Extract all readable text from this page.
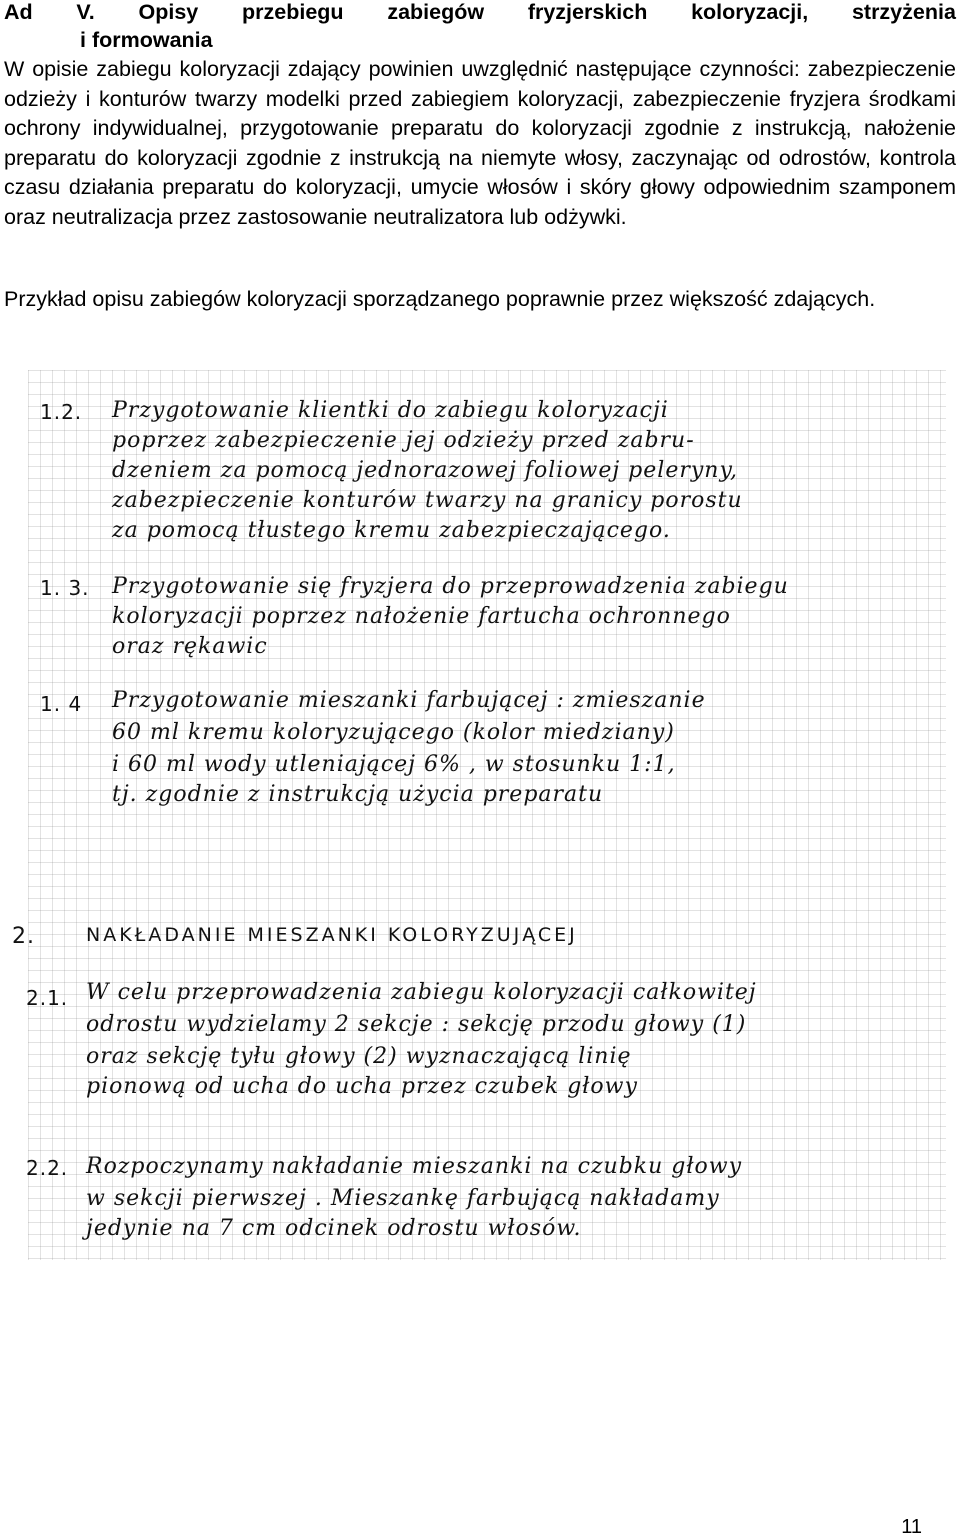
Ad V. Opisy przebiegu zabiegów fryzjerskich koloryzacji, strzyżenia
i formowania
W opisie zabiegu koloryzacji zdający powinien uwzględnić następujące czynności: zabezpieczenie odzieży i konturów twarzy modelki przed zabiegiem koloryzacji, zabezpieczenie fryzjera środkami ochrony indywidualnej, przygotowanie preparatu do koloryzacji zgodnie z instrukcją, nałożenie preparatu do koloryzacji zgodnie z instrukcją na niemyte włosy, zaczynając od odrostów, kontrola czasu działania preparatu do koloryzacji, umycie włosów i skóry głowy odpowiednim szamponem oraz neutralizacja przez zastosowanie neutralizatora lub odżywki.
Przykład opisu zabiegów koloryzacji sporządzanego poprawnie przez większość zdających.
1.2. Przygotowanie klientki do zabiegu koloryzacji
poprzez zabezpieczenie jej odzieży przed zabru-
dzeniem za pomocą jednorazowej foliowej peleryny,
zabezpieczenie konturów twarzy na granicy porostu
za pomocą tłustego kremu zabezpieczającego.
1. 3. Przygotowanie się fryzjera do przeprowadzenia zabiegu
koloryzacji poprzez nałożenie fartucha ochronnego
oraz rękawic
1. 4 Przygotowanie mieszanki farbującej : zmieszanie
60 ml kremu koloryzującego (kolor miedziany)
i 60 ml wody utleniającej 6% , w stosunku 1:1,
tj. zgodnie z instrukcją użycia preparatu
2.	NAKŁADANIE MIESZANKI KOLORYZUJĄCEJ
2.1. W celu przeprowadzenia zabiegu koloryzacji całkowitej
odrostu wydzielamy 2 sekcje : sekcję przodu głowy (1)
oraz sekcję tyłu głowy (2) wyznaczającą linię
pionową od ucha do ucha przez czubek głowy
2.2. Rozpoczynamy nakładanie mieszanki na czubku głowy
w sekcji pierwszej . Mieszankę farbującą nakładamy
jedynie na 7 cm odcinek odrostu włosów.
11
